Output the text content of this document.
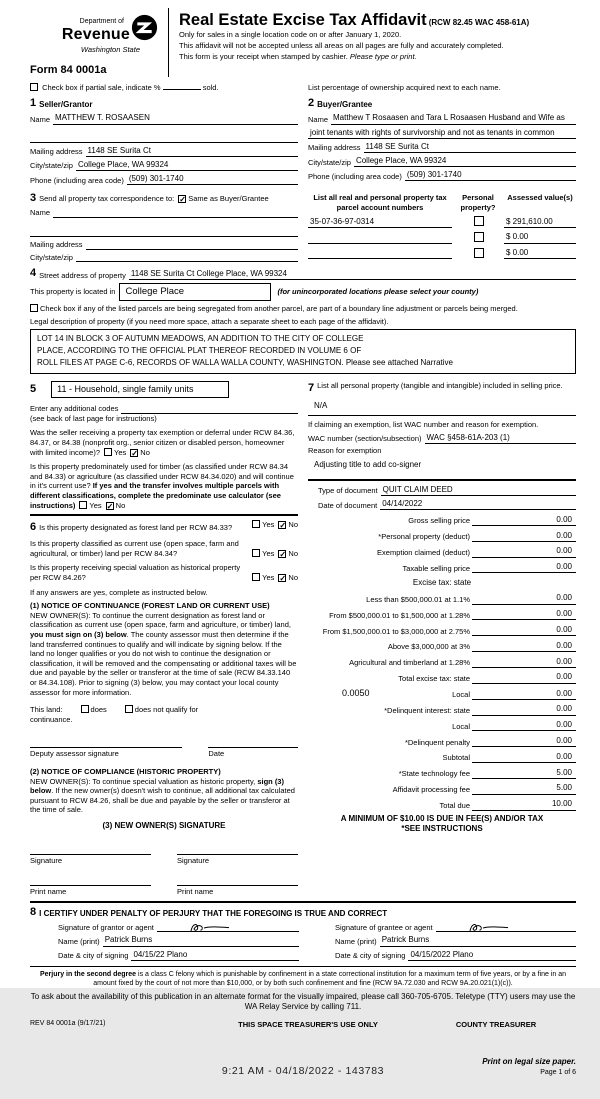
Department of
Revenue
Washington State
Form 84 0001a
Real Estate Excise Tax Affidavit (RCW 82.45 WAC 458-61A)
Only for sales in a single location code on or after January 1, 2020.
This affidavit will not be accepted unless all areas on all pages are fully and accurately completed.
This form is your receipt when stamped by cashier. Please type or print.
Check box if partial sale, indicate %	sold.	List percentage of ownership acquired next to each name.
1 Seller/Grantor
Name MATTHEW T. ROSAASEN
Mailing address 1148 SE Surita Ct
City/state/zip College Place, WA 99324
Phone (including area code) (509) 301-1740
2 Buyer/Grantee
Name Matthew T Rosaasen and Tara L Rosaasen Husband and Wife as
joint tenants with rights of survivorship and not as tenants in common
Mailing address 1148 SE Surita Ct
City/state/zip College Place, WA 99324
Phone (including area code) (509) 301-1740
3 Send all property tax correspondence to: ✓ Same as Buyer/Grantee
Name
Mailing address
City/state/zip
List all real and personal property tax parcel account numbers
Personal property?
Assessed value(s)
35-07-36-97-0314	$ 291,610.00
$ 0.00
$ 0.00
4 Street address of property 1148 SE Surita Ct College Place, WA 99324
This property is located in	College Place	(for unincorporated locations please select your county)
Check box if any of the listed parcels are being segregated from another parcel, are part of a boundary line adjustment or parcels being merged.
Legal description of property (if you need more space, attach a separate sheet to each page of the affidavit).
LOT 14 IN BLOCK 3 OF AUTUMN MEADOWS, AN ADDITION TO THE CITY OF COLLEGE
PLACE, ACCORDING TO THE OFFICIAL PLAT THEREOF RECORDED IN VOLUME 6 OF
ROLL FILES AT PAGE C-6, RECORDS OF WALLA WALLA COUNTY, WASHINGTON. Please see attached Narrative
5	11 - Household, single family units
Enter any additional codes
(see back of last page for instructions)
Was the seller receiving a property tax exemption or deferral under RCW 84.36, 84.37, or 84.38 (nonprofit org., senior citizen or disabled person, homeowner with limited income)? Yes ✓ No
Is this property predominately used for timber (as classified under RCW 84.34 and 84.33) or agriculture (as classified under RCW 84.34.020) and will continue in it's current use? If yes and the transfer involves multiple parcels with different classifications, complete the predominate use calculator (see instructions) Yes ✓ No
6 Is this property designated as forest land per RCW 84.33?	Yes ✓ No
Is this property classified as current use (open space, farm and agricultural, or timber) land per RCW 84.34?	Yes ✓ No
Is this property receiving special valuation as historical property per RCW 84.26?	Yes ✓ No
If any answers are yes, complete as instructed below.
(1) NOTICE OF CONTINUANCE (FOREST LAND OR CURRENT USE)
NEW OWNER(S): To continue the current designation as forest land or classification as current use (open space, farm and agriculture, or timber) land, you must sign on (3) below. The county assessor must then determine if the land transferred continues to qualify and will indicate by signing below. If the land no longer qualifies or you do not wish to continue the designation or classification, it will be removed and the compensating or additional taxes will be due and payable by the seller or transferor at the time of sale (RCW 84.33.140 or 84.34.108). Prior to signing (3) below, you may contact your local county assessor for more information.
This land:	does	does not qualify for
continuance.
Deputy assessor signature	Date
(2) NOTICE OF COMPLIANCE (HISTORIC PROPERTY)
NEW OWNER(S): To continue special valuation as historic property, sign (3) below. If the new owner(s) doesn't wish to continue, all additional tax calculated pursuant to RCW 84.26, shall be due and payable by the seller or transferor at the time of sale.
(3) NEW OWNER(S) SIGNATURE
Signature	Signature
Print name	Print name
7 List all personal property (tangible and intangible) included in selling price.
N/A
If claiming an exemption, list WAC number and reason for exemption.
WAC number (section/subsection) WAC §458-61A-203 (1)
Reason for exemption
Adjusting title to add co-signer
Type of document QUIT CLAIM DEED
Date of document 04/14/2022
Gross selling price	0.00
*Personal property (deduct)	0.00
Exemption claimed (deduct)	0.00
Taxable selling price	0.00
Excise tax: state
Less than $500,000.01 at 1.1%	0.00
From $500,000.01 to $1,500,000 at 1.28%	0.00
From $1,500,000.01 to $3,000,000 at 2.75%	0.00
Above $3,000,000 at 3%	0.00
Agricultural and timberland at 1.28%	0.00
Total excise tax: state	0.00
0.0050	Local	0.00
*Delinquent interest: state	0.00
Local	0.00
*Delinquent penalty	0.00
Subtotal	0.00
*State technology fee	5.00
Affidavit processing fee	5.00
Total due	10.00
A MINIMUM OF $10.00 IS DUE IN FEE(S) AND/OR TAX
*SEE INSTRUCTIONS
8 I CERTIFY UNDER PENALTY OF PERJURY THAT THE FOREGOING IS TRUE AND CORRECT
Signature of grantor or agent
Name (print) Patrick Burns
Date & city of signing 04/15/22 Plano
Signature of grantee or agent
Name (print) Patrick Burns
Date & city of signing 04/15/2022 Plano
Perjury in the second degree is a class C felony which is punishable by confinement in a state correctional institution for a maximum term of five years, or by a fine in an amount fixed by the court of not more than $10,000, or by both such confinement and fine (RCW 9A.72.030 and RCW 9A.20.021(1)(c)).
To ask about the availability of this publication in an alternate format for the visually impaired, please call 360-705-6705. Teletype (TTY) users may use the WA Relay Service by calling 711.
REV 84 0001a (9/17/21)	THIS SPACE TREASURER'S USE ONLY	COUNTY TREASURER
9:21 AM - 04/18/2022 - 143783
Print on legal size paper.
Page 1 of 6
